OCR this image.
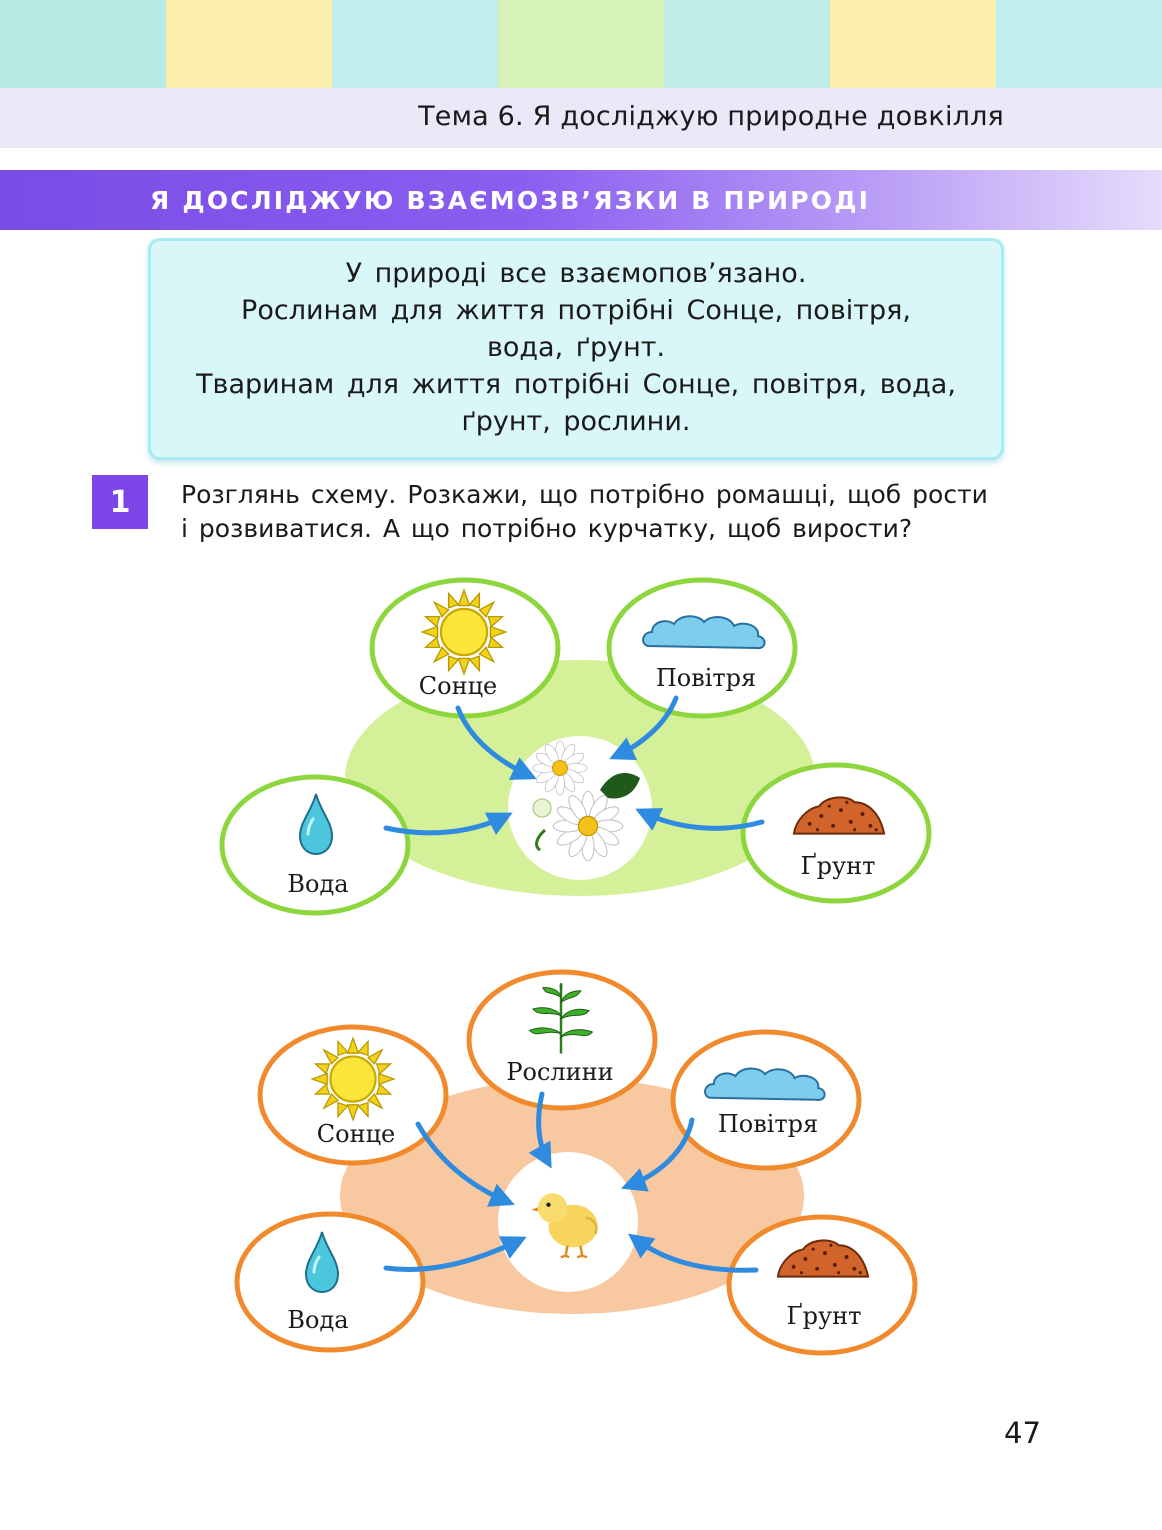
Тема 6. Я досліджую природне довкілля
Я ДОСЛІДЖУЮ ВЗАЄМОЗВ’ЯЗКИ В ПРИРОДІ
У природі все взаємопов’язано.
Рослинам для життя потрібні Сонце, повітря,
вода, ґрунт.
Тваринам для життя потрібні Сонце, повітря, вода,
ґрунт, рослини.
1	Розглянь схему. Розкажи, що потрібно ромашці, щоб рости
і розвиватися. А що потрібно курчатку, щоб вирости?
Сонце	Повітря
Вода
Ґрунт
Сонце
Рослини
Повітря
Вода	Ґрунт
47
